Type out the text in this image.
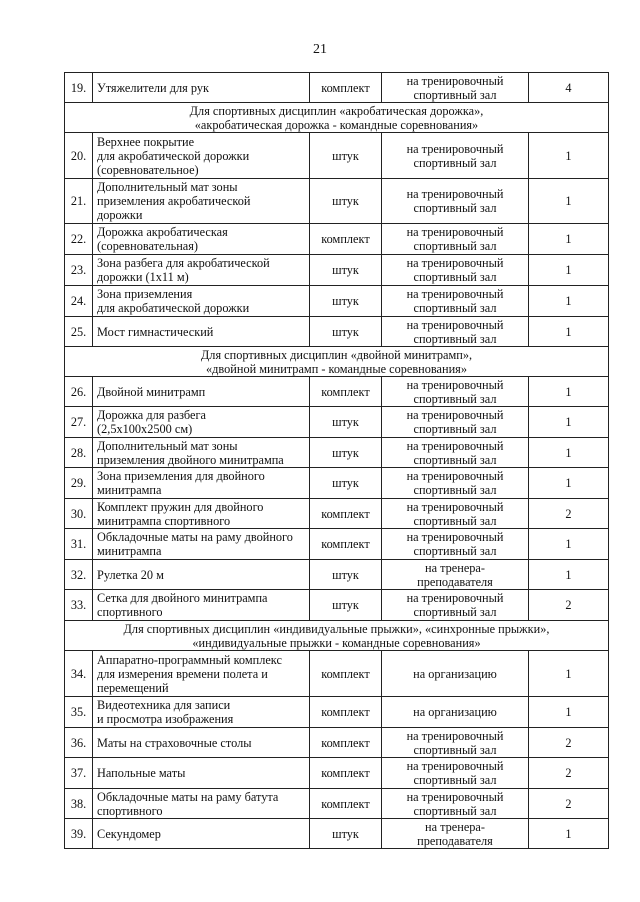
21
19.	Утяжелители для рук	комплект	на тренировочный
спортивный зал	4

Для спортивных дисциплин «акробатическая дорожка»,
«акробатическая дорожка - командные соревнования»				

20.	Верхнее покрытие
для акробатической дорожки
(соревновательное)	штук	на тренировочный
спортивный зал	1
21.	Дополнительный мат зоны
приземления акробатической
дорожки	штук	на тренировочный
спортивный зал	1
22.	Дорожка акробатическая
(соревновательная)	комплект	на тренировочный
спортивный зал	1
23.	Зона разбега для акробатической
дорожки (1х11 м)	штук	на тренировочный
спортивный зал	1
24.	Зона приземления
для акробатической дорожки	штук	на тренировочный
спортивный зал	1
25.	Мост гимнастический	штук	на тренировочный
спортивный зал	1

Для спортивных дисциплин «двойной минитрамп»,
«двойной минитрамп - командные соревнования»				

26.	Двойной минитрамп	комплект	на тренировочный
спортивный зал	1
27.	Дорожка для разбега
(2,5х100х2500 см)	штук	на тренировочный
спортивный зал	1
28.	Дополнительный мат зоны
приземления двойного минитрампа	штук	на тренировочный
спортивный зал	1
29.	Зона приземления для двойного
минитрампа	штук	на тренировочный
спортивный зал	1
30.	Комплект пружин для двойного
минитрампа спортивного	комплект	на тренировочный
спортивный зал	2
31.	Обкладочные маты на раму двойного
минитрампа	комплект	на тренировочный
спортивный зал	1
32.	Рулетка 20 м	штук	на тренера-
преподавателя	1
33.	Сетка для двойного минитрампа
спортивного	штук	на тренировочный
спортивный зал	2

Для спортивных дисциплин «индивидуальные прыжки», «синхронные прыжки»,
«индивидуальные прыжки - командные соревнования»				

34.	Аппаратно-программный комплекс
для измерения времени полета и
перемещений	комплект	на организацию	1
35.	Видеотехника для записи
и просмотра изображения	комплект	на организацию	1
36.	Маты на страховочные столы	комплект	на тренировочный
спортивный зал	2
37.	Напольные маты	комплект	на тренировочный
спортивный зал	2
38.	Обкладочные маты на раму батута
спортивного	комплект	на тренировочный
спортивный зал	2
39.	Секундомер	штук	на тренера-
преподавателя	1
